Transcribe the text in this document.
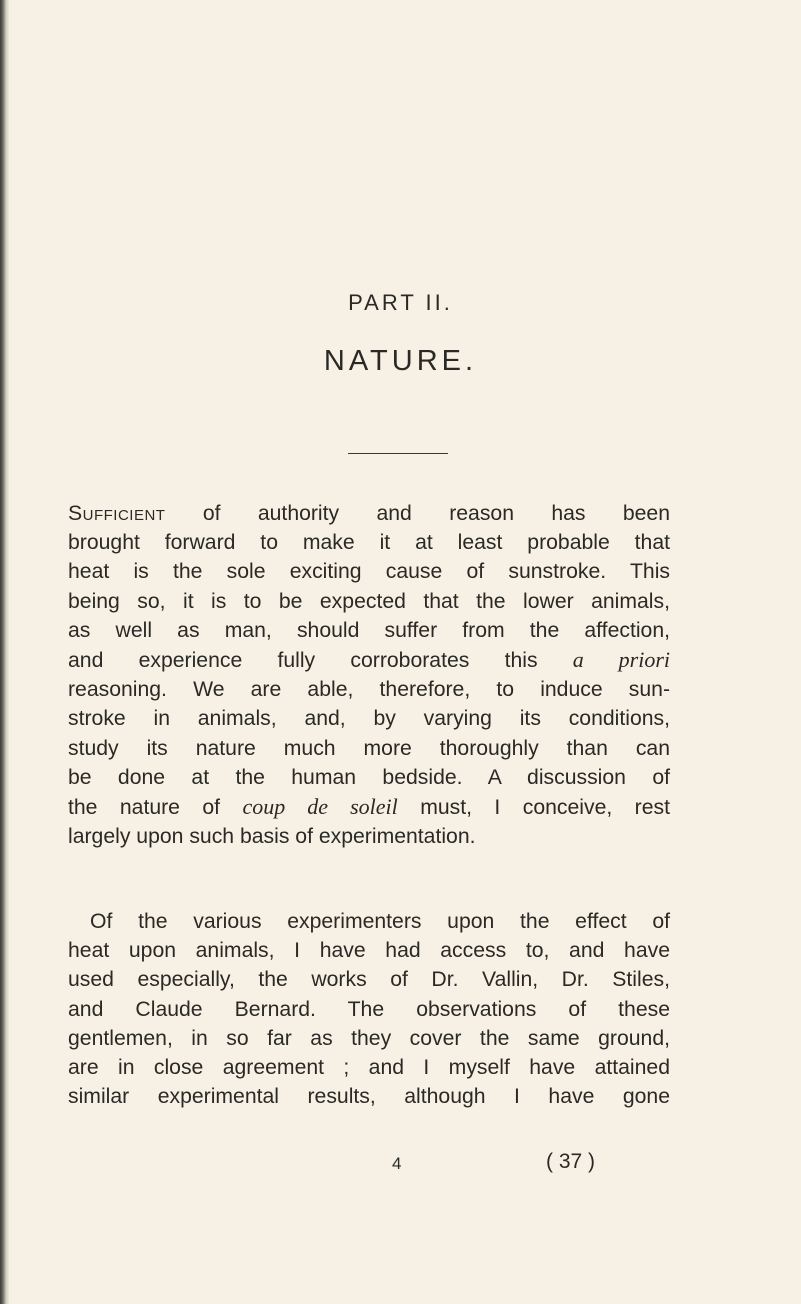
PART II.
NATURE.
Sufficient of authority and reason has been
brought forward to make it at least probable that
heat is the sole exciting cause of sunstroke. This
being so, it is to be expected that the lower animals,
as well as man, should suffer from the affection,
and experience fully corroborates this a priori
reasoning. We are able, therefore, to induce sun-
stroke in animals, and, by varying its conditions,
study its nature much more thoroughly than can
be done at the human bedside. A discussion of
the nature of coup de soleil must, I conceive, rest
largely upon such basis of experimentation.
Of the various experimenters upon the effect of
heat upon animals, I have had access to, and have
used especially, the works of Dr. Vallin, Dr. Stiles,
and Claude Bernard. The observations of these
gentlemen, in so far as they cover the same ground,
are in close agreement ; and I myself have attained
similar experimental results, although I have gone
4	( 37 )
